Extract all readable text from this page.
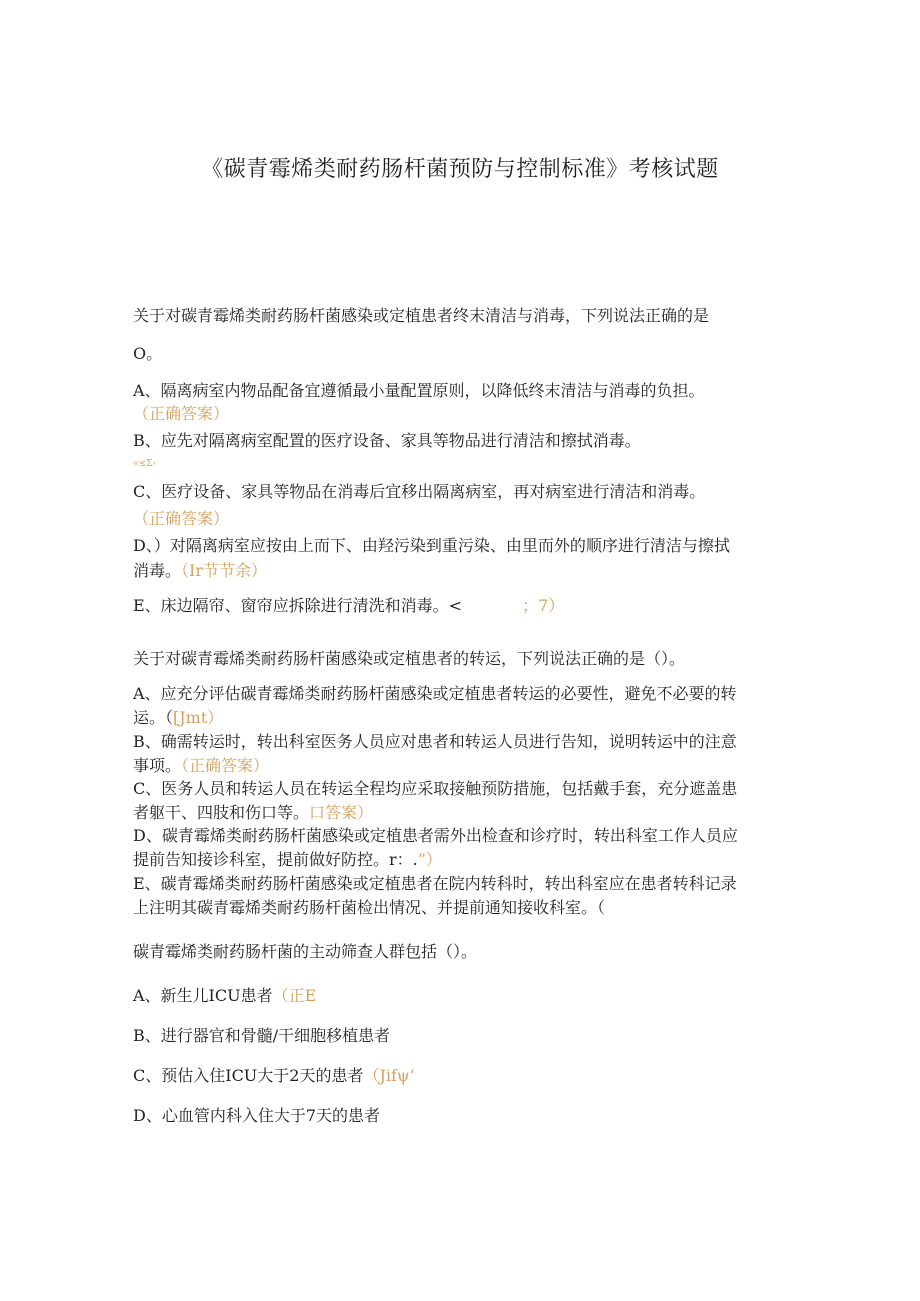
《碳青霉烯类耐药肠杆菌预防与控制标准》考核试题
关于对碳青霉烯类耐药肠杆菌感染或定植患者终末清洁与消毒，下列说法正确的是
O。
A、隔离病室内物品配备宜遵循最小量配置原则，以降低终末清洁与消毒的负担。
（正确答案）
B、应先对隔离病室配置的医疗设备、家具等物品进行清洁和擦拭消毒。
«≤Σ›
C、医疗设备、家具等物品在消毒后宜移出隔离病室，再对病室进行清洁和消毒。
（正确答案）
D、）对隔离病室应按由上而下、由羟污染到重污染、由里而外的顺序进行清洁与擦拭
消毒。（Ir节节余）
E、床边隔帘、窗帘应拆除进行清洗和消毒。<	；7）
关于对碳青霉烯类耐药肠杆菌感染或定植患者的转运，下列说法正确的是（）。
A、应充分评估碳青霉烯类耐药肠杆菌感染或定植患者转运的必要性，避免不必要的转
运。（[Jmt）
B、确需转运时，转出科室医务人员应对患者和转运人员进行告知，说明转运中的注意
事项。（正确答案）
C、医务人员和转运人员在转运全程均应采取接触预防措施，包括戴手套，充分遮盖患
者躯干、四肢和伤口等。口答案）
D、碳青霉烯类耐药肠杆菌感染或定植患者需外出检查和诊疗时，转出科室工作人员应
提前告知接诊科室，提前做好防控。r：.”）
E、碳青霉烯类耐药肠杆菌感染或定植患者在院内转科时，转出科室应在患者转科记录
上注明其碳青霉烯类耐药肠杆菌检出情况、并提前通知接收科室。（
碳青霉烯类耐药肠杆菌的主动筛查人群包括（）。
A、新生儿ICU患者（正E
B、进行器官和骨髓/干细胞移植患者
C、预估入住ICU大于2天的患者（Jifψ‘
D、心血管内科入住大于7天的患者
